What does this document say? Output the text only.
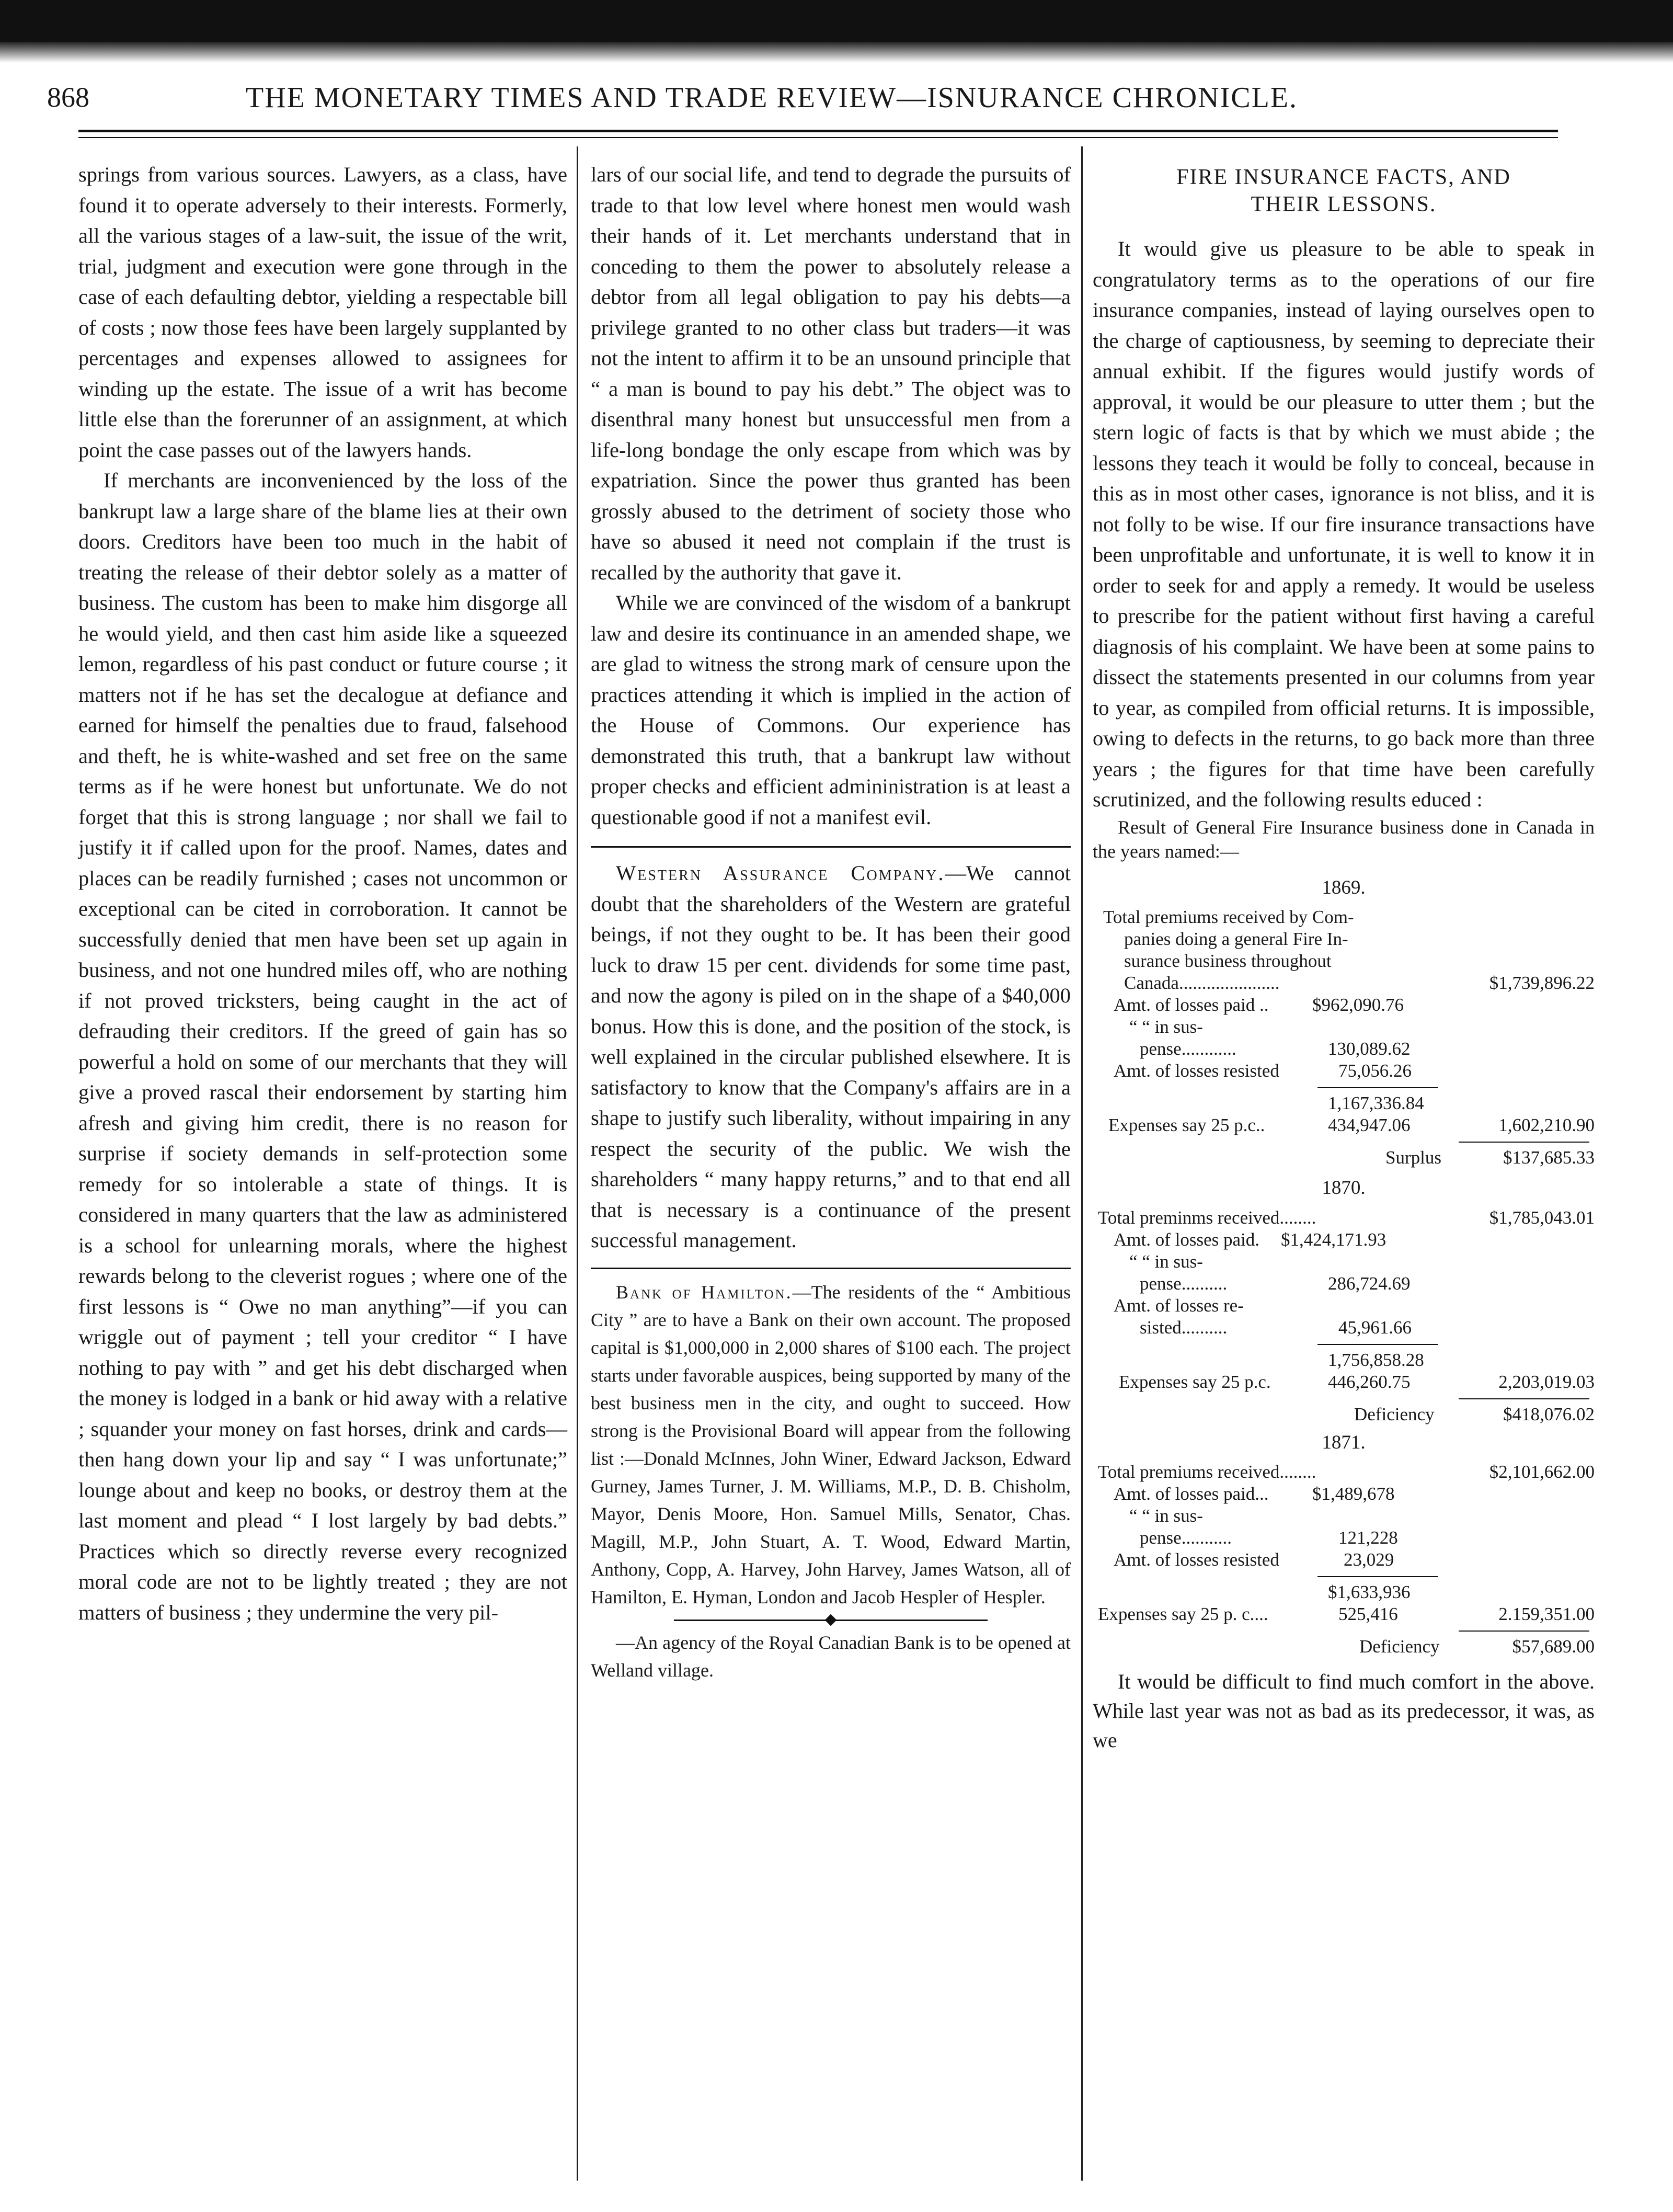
868	THE MONETARY TIMES AND TRADE REVIEW—ISNURANCE CHRONICLE.

springs from various sources. Lawyers, as a class, have found it to operate adversely to their interests. Formerly, all the various stages of a law-suit, the issue of the writ, trial, judgment and execution were gone through in the case of each defaulting debtor, yielding a respectable bill of costs ; now those fees have been largely supplanted by percentages and expenses allowed to assignees for winding up the estate. The issue of a writ has become little else than the forerunner of an assignment, at which point the case passes out of the lawyers hands.

If merchants are inconvenienced by the loss of the bankrupt law a large share of the blame lies at their own doors. Creditors have been too much in the habit of treating the release of their debtor solely as a matter of business. The custom has been to make him disgorge all he would yield, and then cast him aside like a squeezed lemon, regardless of his past conduct or future course ; it matters not if he has set the decalogue at defiance and earned for himself the penalties due to fraud, falsehood and theft, he is white-washed and set free on the same terms as if he were honest but unfortunate. We do not forget that this is strong language ; nor shall we fail to justify it if called upon for the proof. Names, dates and places can be readily furnished ; cases not uncommon or exceptional can be cited in corroboration. It cannot be successfully denied that men have been set up again in business, and not one hundred miles off, who are nothing if not proved tricksters, being caught in the act of defrauding their creditors. If the greed of gain has so powerful a hold on some of our merchants that they will give a proved rascal their endorsement by starting him afresh and giving him credit, there is no reason for surprise if society demands in self-protection some remedy for so intolerable a state of things. It is considered in many quarters that the law as administered is a school for unlearning morals, where the highest rewards belong to the cleverist rogues ; where one of the first lessons is “ Owe no man anything”—if you can wriggle out of payment ; tell your creditor “ I have nothing to pay with ” and get his debt discharged when the money is lodged in a bank or hid away with a relative ; squander your money on fast horses, drink and cards—then hang down your lip and say “ I was unfortunate;” lounge about and keep no books, or destroy them at the last moment and plead “ I lost largely by bad debts.” Practices which so directly reverse every recognized moral code are not to be lightly treated ; they are not matters of business ; they undermine the very pil-

lars of our social life, and tend to degrade the pursuits of trade to that low level where honest men would wash their hands of it. Let merchants understand that in conceding to them the power to absolutely release a debtor from all legal obligation to pay his debts—a privilege granted to no other class but traders—it was not the intent to affirm it to be an unsound principle that “ a man is bound to pay his debt.” The object was to disenthral many honest but unsuccessful men from a life-long bondage the only escape from which was by expatriation. Since the power thus granted has been grossly abused to the detriment of society those who have so abused it need not complain if the trust is recalled by the authority that gave it.

While we are convinced of the wisdom of a bankrupt law and desire its continuance in an amended shape, we are glad to witness the strong mark of censure upon the practices attending it which is implied in the action of the House of Commons. Our experience has demonstrated this truth, that a bankrupt law without proper checks and efficient admininistration is at least a questionable good if not a manifest evil.

Western Assurance Company.—We cannot doubt that the shareholders of the Western are grateful beings, if not they ought to be. It has been their good luck to draw 15 per cent. dividends for some time past, and now the agony is piled on in the shape of a $40,000 bonus. How this is done, and the position of the stock, is well explained in the circular published elsewhere. It is satisfactory to know that the Company's affairs are in a shape to justify such liberality, without impairing in any respect the security of the public. We wish the shareholders “ many happy returns,” and to that end all that is necessary is a continuance of the present successful management.

Bank of Hamilton.—The residents of the “ Ambitious City ” are to have a Bank on their own account. The proposed capital is $1,000,000 in 2,000 shares of $100 each. The project starts under favorable auspices, being supported by many of the best business men in the city, and ought to succeed. How strong is the Provisional Board will appear from the following list :—Donald McInnes, John Winer, Edward Jackson, Edward Gurney, James Turner, J. M. Williams, M.P., D. B. Chisholm, Mayor, Denis Moore, Hon. Samuel Mills, Senator, Chas. Magill, M.P., John Stuart, A. T. Wood, Edward Martin, Anthony, Copp, A. Harvey, John Harvey, James Watson, all of Hamilton, E. Hyman, London and Jacob Hespler of Hespler.

—An agency of the Royal Canadian Bank is to be opened at Welland village.

FIRE INSURANCE FACTS, AND
THEIR LESSONS.

It would give us pleasure to be able to speak in congratulatory terms as to the operations of our fire insurance companies, instead of laying ourselves open to the charge of captiousness, by seeming to depreciate their annual exhibit. If the figures would justify words of approval, it would be our pleasure to utter them ; but the stern logic of facts is that by which we must abide ; the lessons they teach it would be folly to conceal, because in this as in most other cases, ignorance is not bliss, and it is not folly to be wise. If our fire insurance transactions have been unprofitable and unfortunate, it is well to know it in order to seek for and apply a remedy. It would be useless to prescribe for the patient without first having a careful diagnosis of his complaint. We have been at some pains to dissect the statements presented in our columns from year to year, as compiled from official returns. It is impossible, owing to defects in the returns, to go back more than three years ; the figures for that time have been carefully scrutinized, and the following results educed :

Result of General Fire Insurance business done in Canada in the years named:—

1869.
Total premiums received by Com-
panies doing a general Fire In-
surance business throughout
Canada......................	$1,739,896.22
Amt. of losses paid .. $962,090.76
“ “ in sus-
pense............	130,089.62
Amt. of losses resisted	75,056.26
1,167,336.84
Expenses say 25 p.c..	434,947.06	1,602,210.90
Surplus	$137,685.33
1870.
Total preminms received........	$1,785,043.01
Amt. of losses paid. $1,424,171.93
“ “ in sus-
pense..........	286,724.69
Amt. of losses re-
sisted..........	45,961.66
1,756,858.28
Expenses say 25 p.c.	446,260.75	2,203,019.03
Deficiency	$418,076.02
1871.
Total premiums received........	$2,101,662.00
Amt. of losses paid... $1,489,678
“ “ in sus-
pense...........	121,228
Amt. of losses resisted	23,029
$1,633,936
Expenses say 25 p. c....	525,416	2.159,351.00
Deficiency	$57,689.00

It would be difficult to find much comfort in the above. While last year was not as bad as its predecessor, it was, as we
